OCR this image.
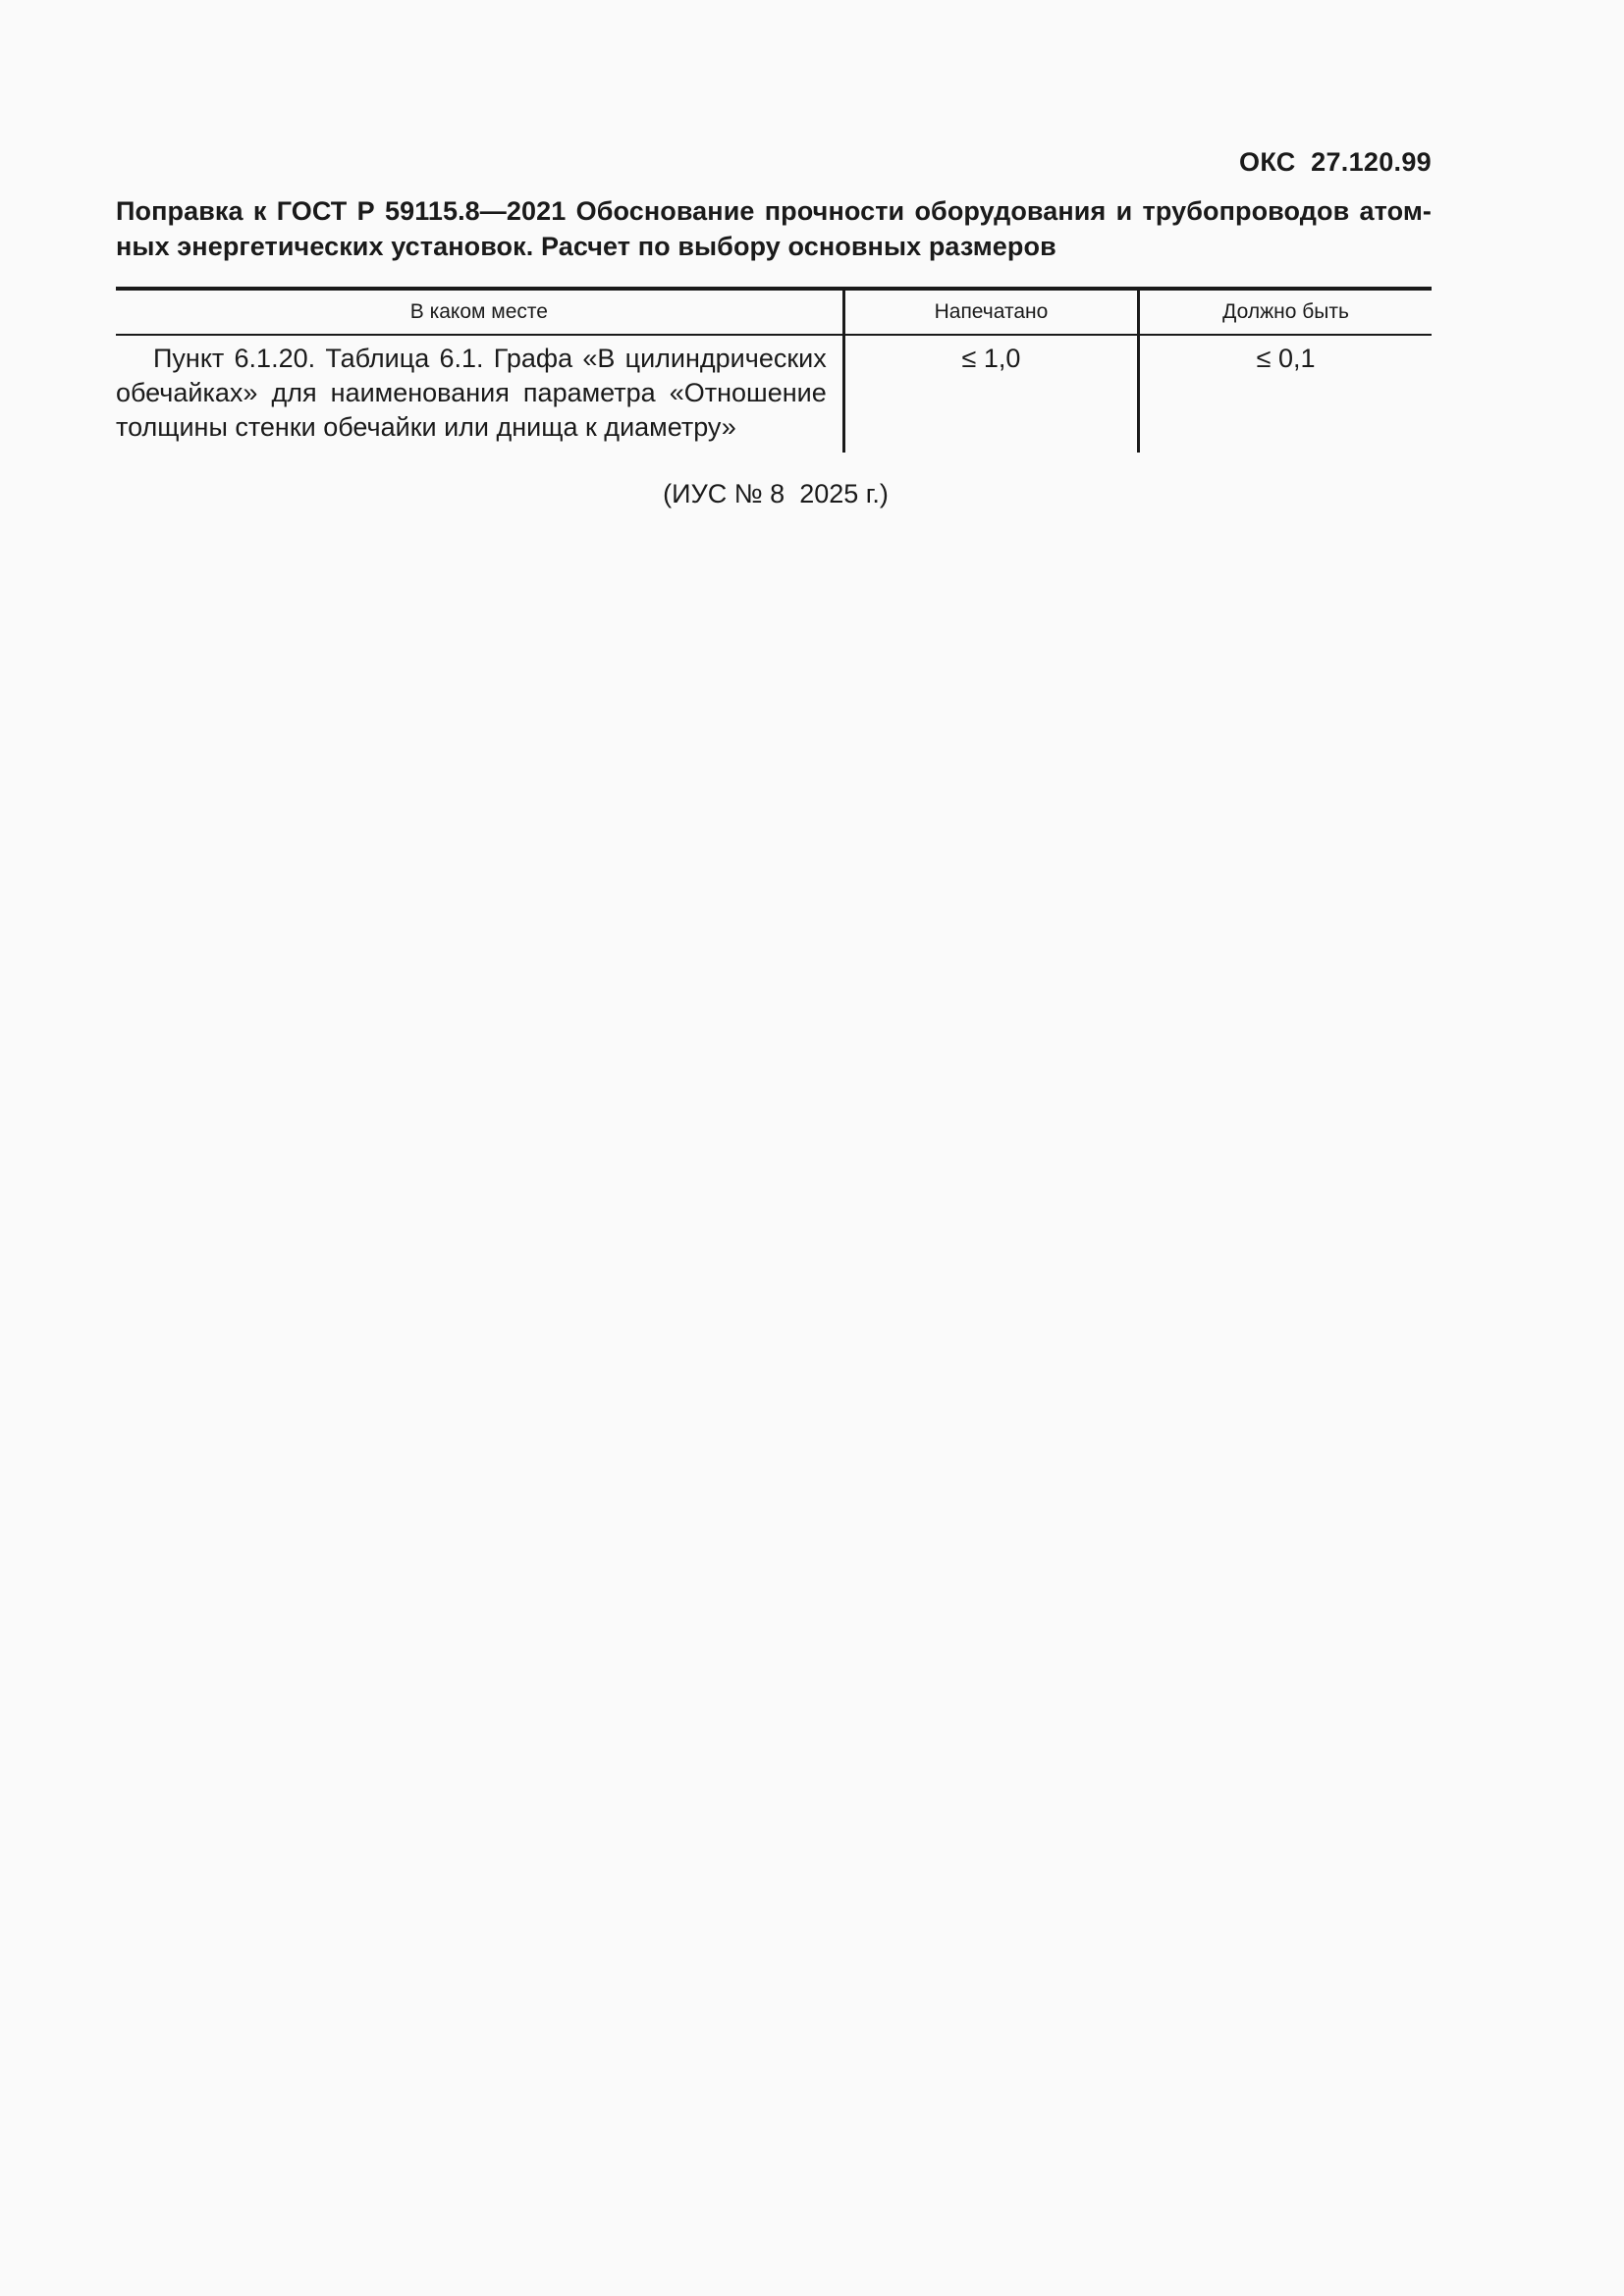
ОКС  27.120.99
Поправка к ГОСТ Р 59115.8—2021 Обоснование прочности оборудования и трубопроводов атом-
ных энергетических установок. Расчет по выбору основных размеров
В каком месте	Напечатано	Должно быть

Пункт 6.1.20. Таблица 6.1. Графа «В цилиндрических
обечайках» для наименования параметра «Отношение
толщины стенки обечайки или днища к диаметру»	≤ 1,0	≤ 0,1
(ИУС № 8  2025 г.)
